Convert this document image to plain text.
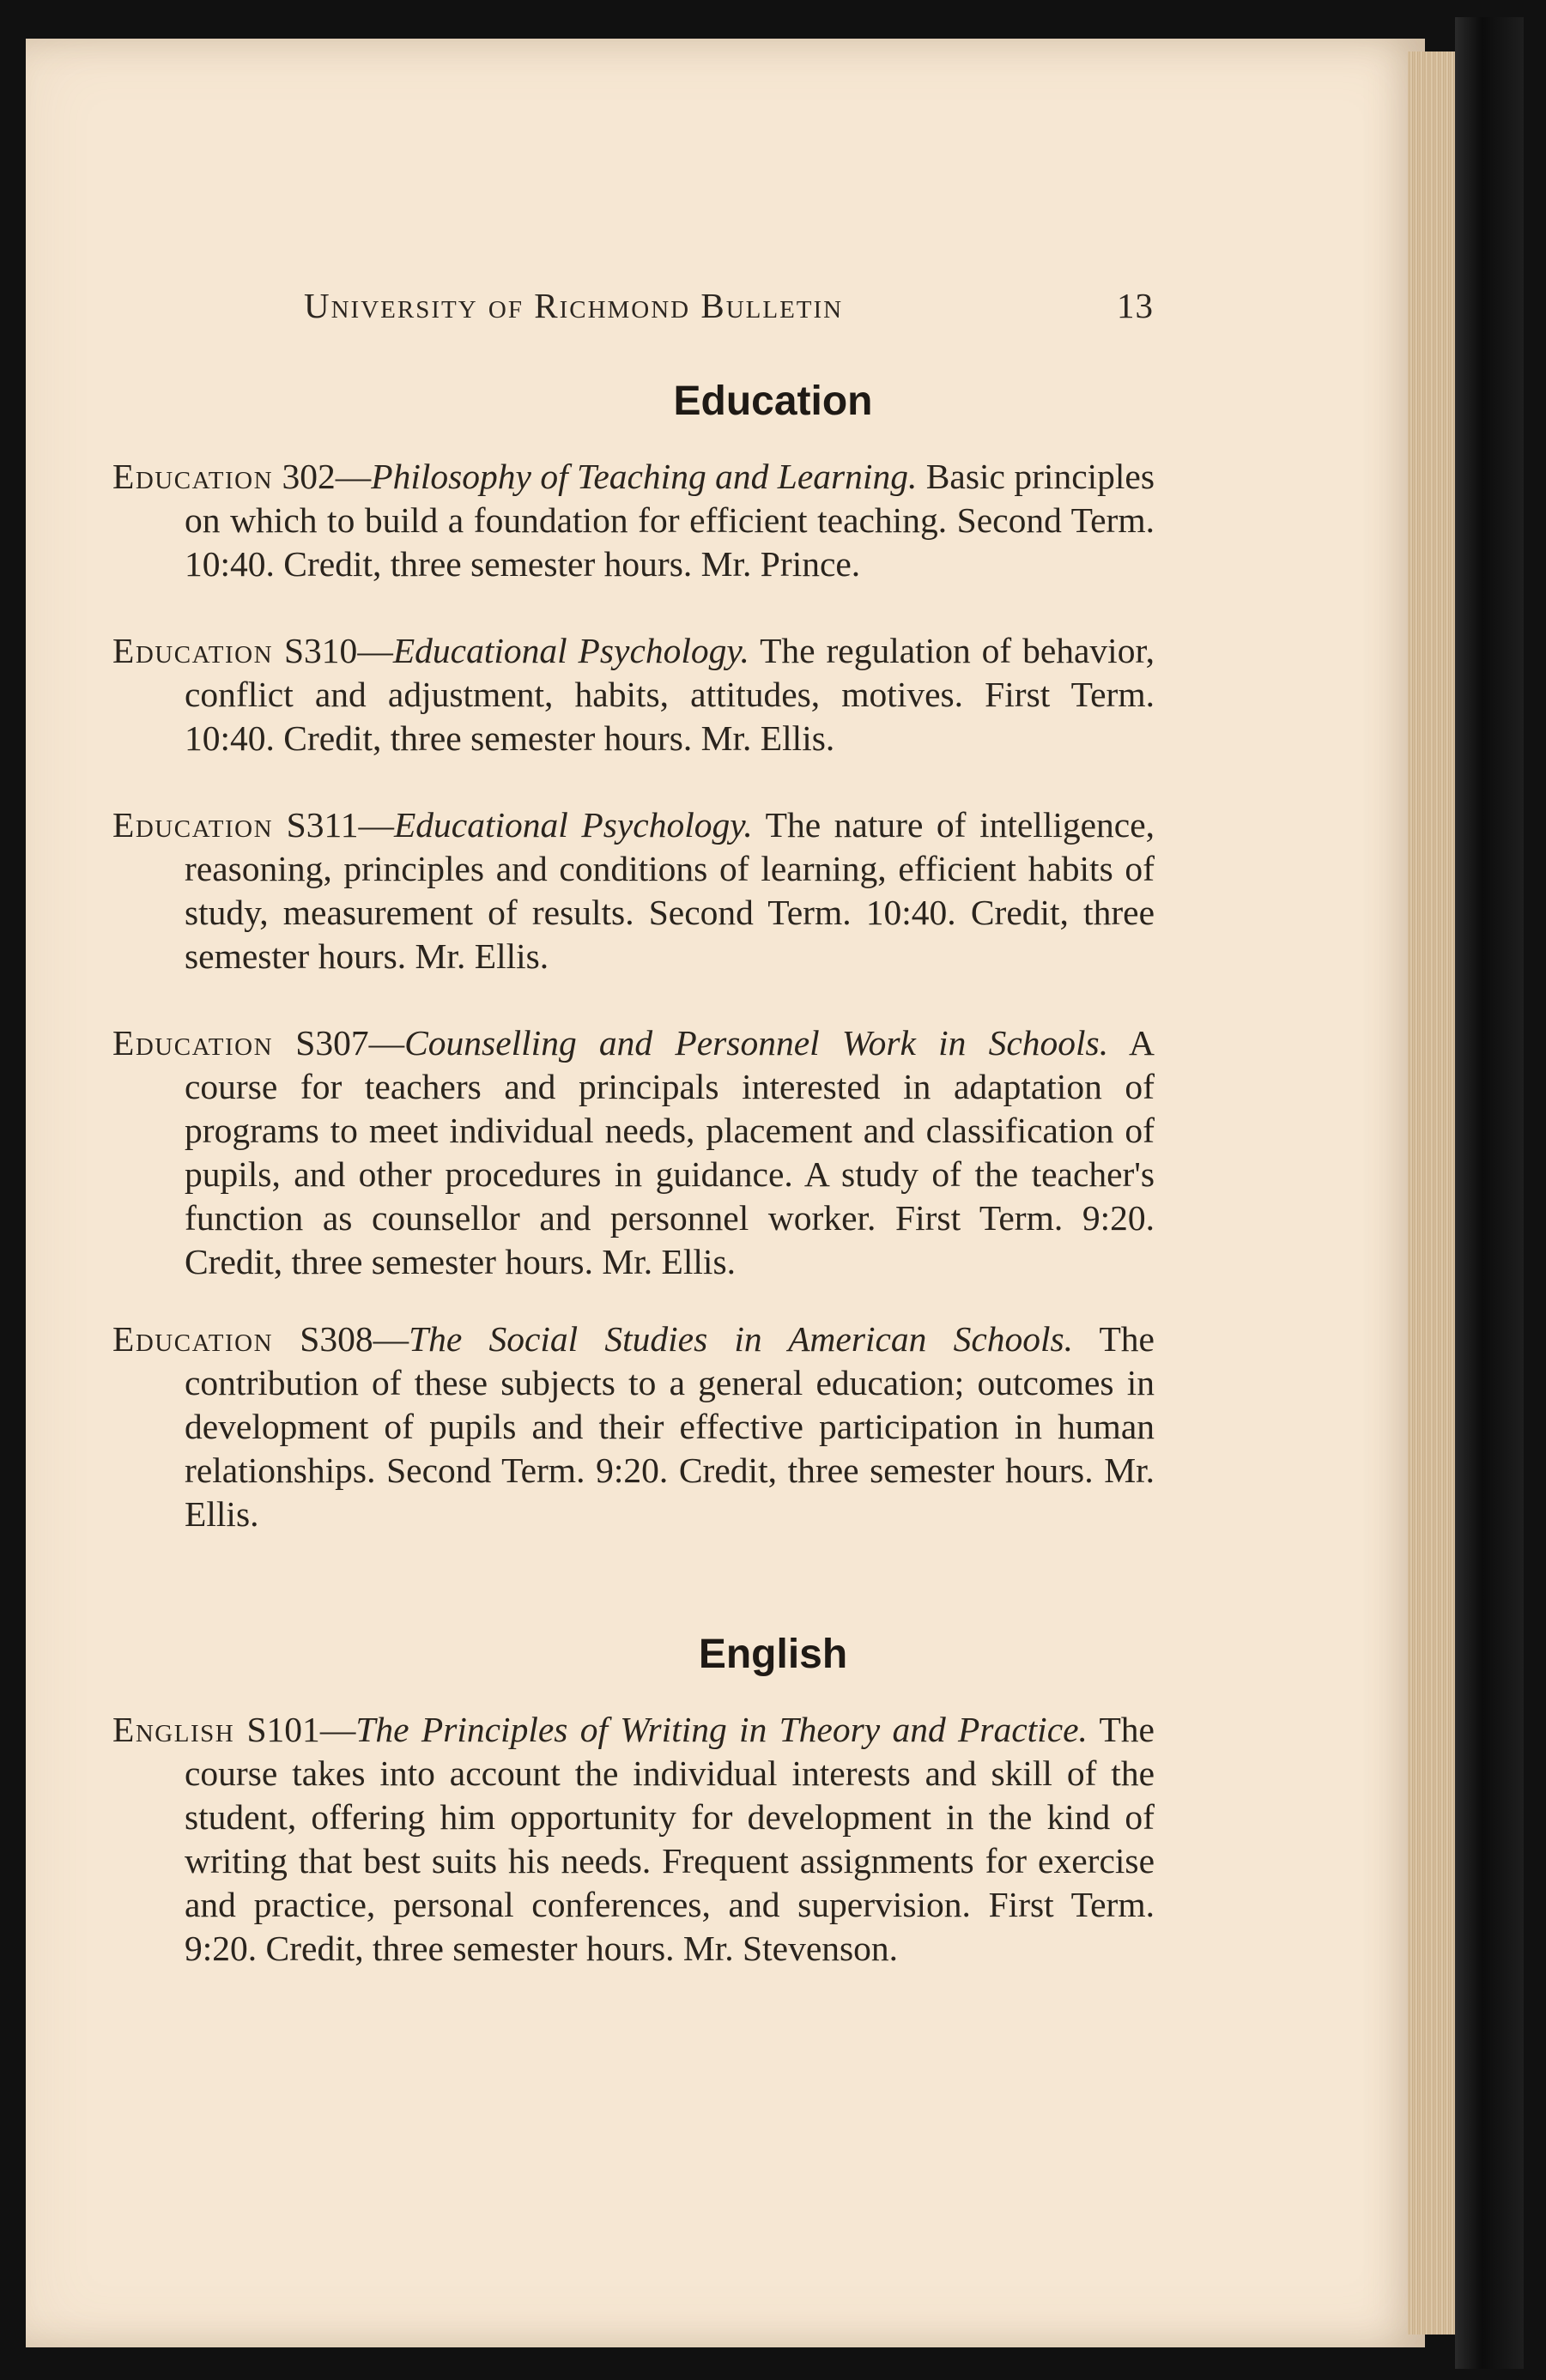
University of Richmond Bulletin	13
Education

Education 302—Philosophy of Teaching and Learning. Basic principles on which to build a foundation for efficient teaching. Second Term. 10:40. Credit, three semester hours. Mr. Prince.

Education S310—Educational Psychology. The regulation of behavior, conflict and adjustment, habits, attitudes, motives. First Term. 10:40. Credit, three semester hours. Mr. Ellis.

Education S311—Educational Psychology. The nature of intelligence, reasoning, principles and conditions of learning, efficient habits of study, measurement of results. Second Term. 10:40. Credit, three semester hours. Mr. Ellis.

Education S307—Counselling and Personnel Work in Schools. A course for teachers and principals interested in adaptation of programs to meet individual needs, placement and classification of pupils, and other procedures in guidance. A study of the teacher's function as counsellor and personnel worker. First Term. 9:20. Credit, three semester hours. Mr. Ellis.

Education S308—The Social Studies in American Schools. The contribution of these subjects to a general education; outcomes in development of pupils and their effective participation in human relationships. Second Term. 9:20. Credit, three semester hours. Mr. Ellis.

English

English S101—The Principles of Writing in Theory and Practice. The course takes into account the individual interests and skill of the student, offering him opportunity for development in the kind of writing that best suits his needs. Frequent assignments for exercise and practice, personal conferences, and supervision. First Term. 9:20. Credit, three semester hours. Mr. Stevenson.
